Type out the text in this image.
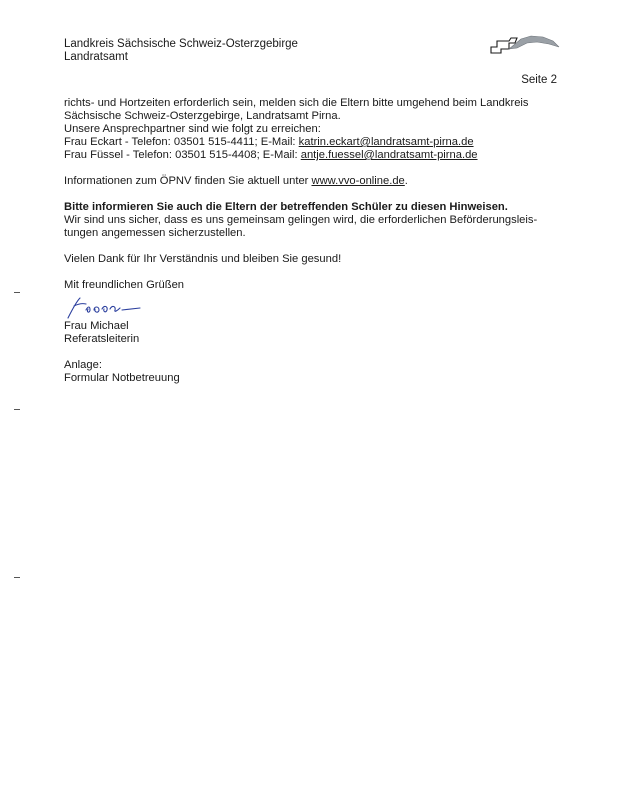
Landkreis Sächsische Schweiz-Osterzgebirge
Landratsamt
Seite 2

richts- und Hortzeiten erforderlich sein, melden sich die Eltern bitte umgehend beim Landkreis

Sächsische Schweiz-Osterzgebirge, Landratsamt Pirna.

Unsere Ansprechpartner sind wie folgt zu erreichen:

Frau Eckart - Telefon: 03501 515-4411; E-Mail: katrin.eckart@landratsamt-pirna.de

Frau Füssel - Telefon: 03501 515-4408; E-Mail: antje.fuessel@landratsamt-pirna.de

Informationen zum ÖPNV finden Sie aktuell unter www.vvo-online.de.

Bitte informieren Sie auch die Eltern der betreffenden Schüler zu diesen Hinweisen.

Wir sind uns sicher, dass es uns gemeinsam gelingen wird, die erforderlichen Beförderungsleis-

tungen angemessen sicherzustellen.

Vielen Dank für Ihr Verständnis und bleiben Sie gesund!

Mit freundlichen Grüßen

Frau Michael

Referatsleiterin

Anlage:

Formular Notbetreuung
